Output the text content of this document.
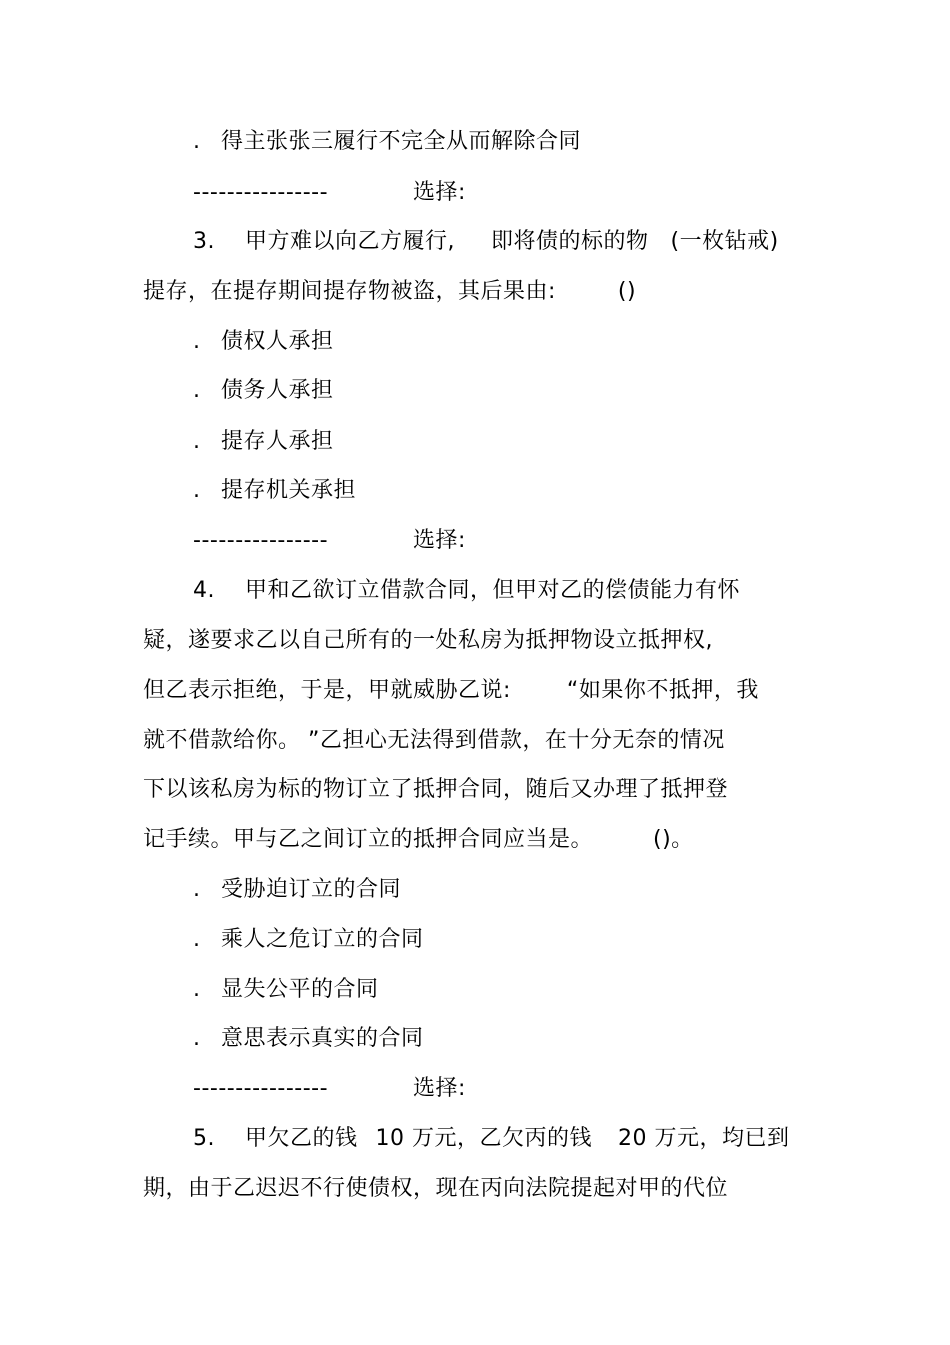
. 得主张张三履行不完全从而解除合同
----------------	选择:
3. 甲方难以向乙方履行, 即将债的标的物 (一枚钻戒)
提存，在提存期间提存物被盗，其后果由:	()
. 债权人承担
. 债务人承担
. 提存人承担
. 提存机关承担
----------------	选择:
4. 甲和乙欲订立借款合同，但甲对乙的偿债能力有怀
疑，遂要求乙以自己所有的一处私房为抵押物设立抵押权,
但乙表示拒绝，于是，甲就威胁乙说:	“如果你不抵押，我
就不借款给你。 ”乙担心无法得到借款，在十分无奈的情况
下以该私房为标的物订立了抵押合同，随后又办理了抵押登
记手续。甲与乙之间订立的抵押合同应当是。	()。
. 受胁迫订立的合同
. 乘人之危订立的合同
. 显失公平的合同
. 意思表示真实的合同
----------------	选择:
5. 甲欠乙的钱 10 万元，乙欠丙的钱 20 万元，均已到
期，由于乙迟迟不行使债权，现在丙向法院提起对甲的代位
